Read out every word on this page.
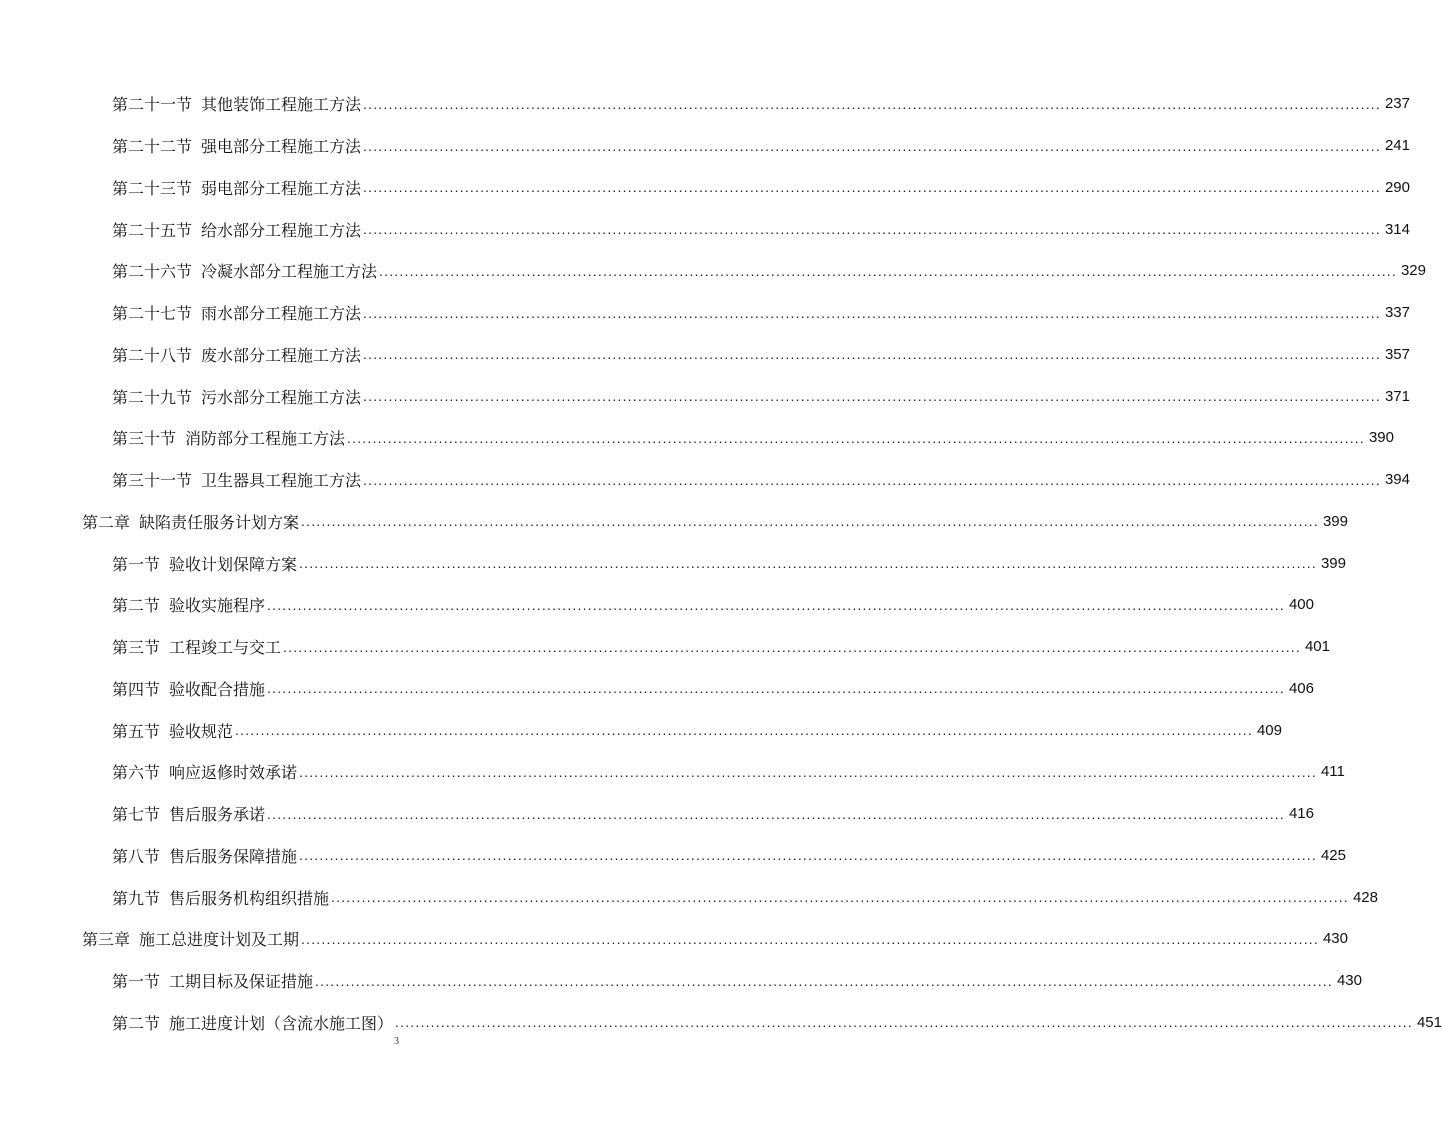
第二十一节 其他装饰工程施工方法 ........................................................................................................................................................................................................ 237
第二十二节 强电部分工程施工方法 ........................................................................................................................................................................................................ 241
第二十三节 弱电部分工程施工方法 ........................................................................................................................................................................................................ 290
第二十五节 给水部分工程施工方法 ........................................................................................................................................................................................................ 314
第二十六节 冷凝水部分工程施工方法 ........................................................................................................................................................................................................ 329
第二十七节 雨水部分工程施工方法 ........................................................................................................................................................................................................ 337
第二十八节 废水部分工程施工方法 ........................................................................................................................................................................................................ 357
第二十九节 污水部分工程施工方法 ........................................................................................................................................................................................................ 371
第三十节 消防部分工程施工方法 ........................................................................................................................................................................................................ 390
第三十一节 卫生器具工程施工方法 ........................................................................................................................................................................................................ 394
第二章 缺陷责任服务计划方案 ........................................................................................................................................................................................................ 399
第一节 验收计划保障方案 ........................................................................................................................................................................................................ 399
第二节 验收实施程序 ........................................................................................................................................................................................................ 400
第三节 工程竣工与交工 ........................................................................................................................................................................................................ 401
第四节 验收配合措施 ........................................................................................................................................................................................................ 406
第五节 验收规范 ........................................................................................................................................................................................................ 409
第六节 响应返修时效承诺 ........................................................................................................................................................................................................ 411
第七节 售后服务承诺 ........................................................................................................................................................................................................ 416
第八节 售后服务保障措施 ........................................................................................................................................................................................................ 425
第九节 售后服务机构组织措施 ........................................................................................................................................................................................................ 428
第三章 施工总进度计划及工期 ........................................................................................................................................................................................................ 430
第一节 工期目标及保证措施 ........................................................................................................................................................................................................ 430
第二节 施工进度计划（含流水施工图） ........................................................................................................................................................................................................ 451
3
